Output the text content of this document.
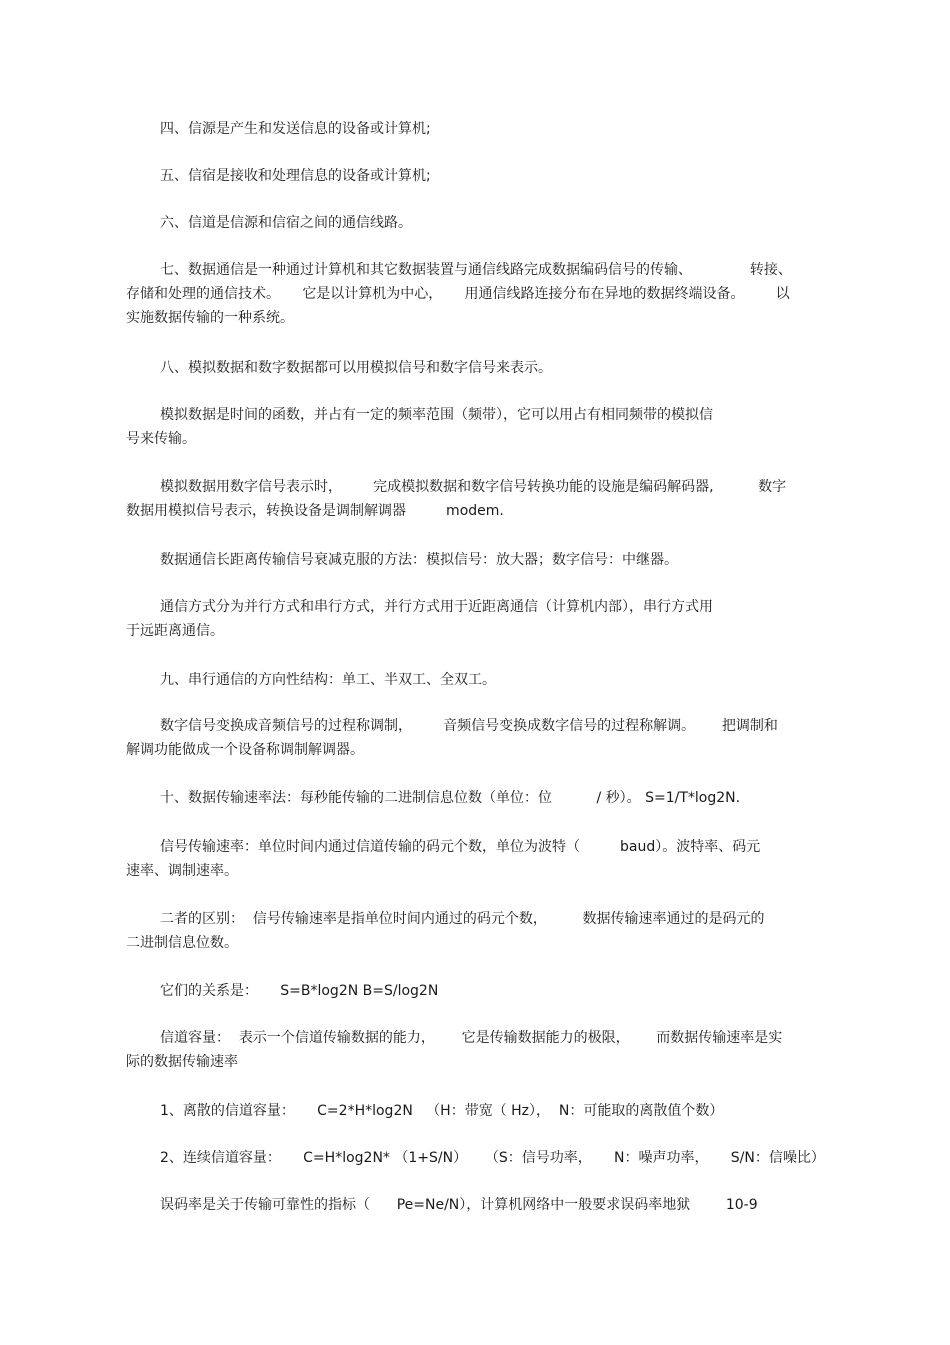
四、信源是产生和发送信息的设备或计算机;

五、信宿是接收和处理信息的设备或计算机;

六、信道是信源和信宿之间的通信线路。

七、数据通信是一种通过计算机和其它数据装置与通信线路完成数据编码信号的传输、             转接、
存储和处理的通信技术。     它是以计算机为中心，     用通信线路连接分布在异地的数据终端设备。       以
实施数据传输的一种系统。

八、模拟数据和数字数据都可以用模拟信号和数字信号来表示。

模拟数据是时间的函数，并占有一定的频率范围（频带），它可以用占有相同频带的模拟信
号来传输。

模拟数据用数字信号表示时，       完成模拟数据和数字信号转换功能的设施是编码解码器,          数字
数据用模拟信号表示，转换设备是调制解调器         modem.

数据通信长距离传输信号衰减克服的方法：模拟信号：放大器；数字信号：中继器。

通信方式分为并行方式和串行方式，并行方式用于近距离通信（计算机内部），串行方式用
于远距离通信。

九、串行通信的方向性结构：单工、半双工、全双工。

数字信号变换成音频信号的过程称调制，       音频信号变换成数字信号的过程称解调。      把调制和
解调功能做成一个设备称调制解调器。

十、数据传输速率法：每秒能传输的二进制信息位数（单位：位          / 秒）。 S=1/T*log2N.

信号传输速率：单位时间内通过信道传输的码元个数，单位为波特（         baud）。波特率、码元
速率、调制速率。

二者的区别：  信号传输速率是指单位时间内通过的码元个数，        数据传输速率通过的是码元的
二进制信息位数。

它们的关系是：     S=B*log2N B=S/log2N

信道容量：  表示一个信道传输数据的能力，      它是传输数据能力的极限，      而数据传输速率是实
际的数据传输速率

1、离散的信道容量：     C=2*H*log2N   （H：带宽（ Hz），  N：可能取的离散值个数）

2、连续信道容量：     C=H*log2N* （1+S/N）    （S：信号功率，     N：噪声功率，     S/N：信噪比）

误码率是关于传输可靠性的指标（      Pe=Ne/N），计算机网络中一般要求误码率地狱        10-9
